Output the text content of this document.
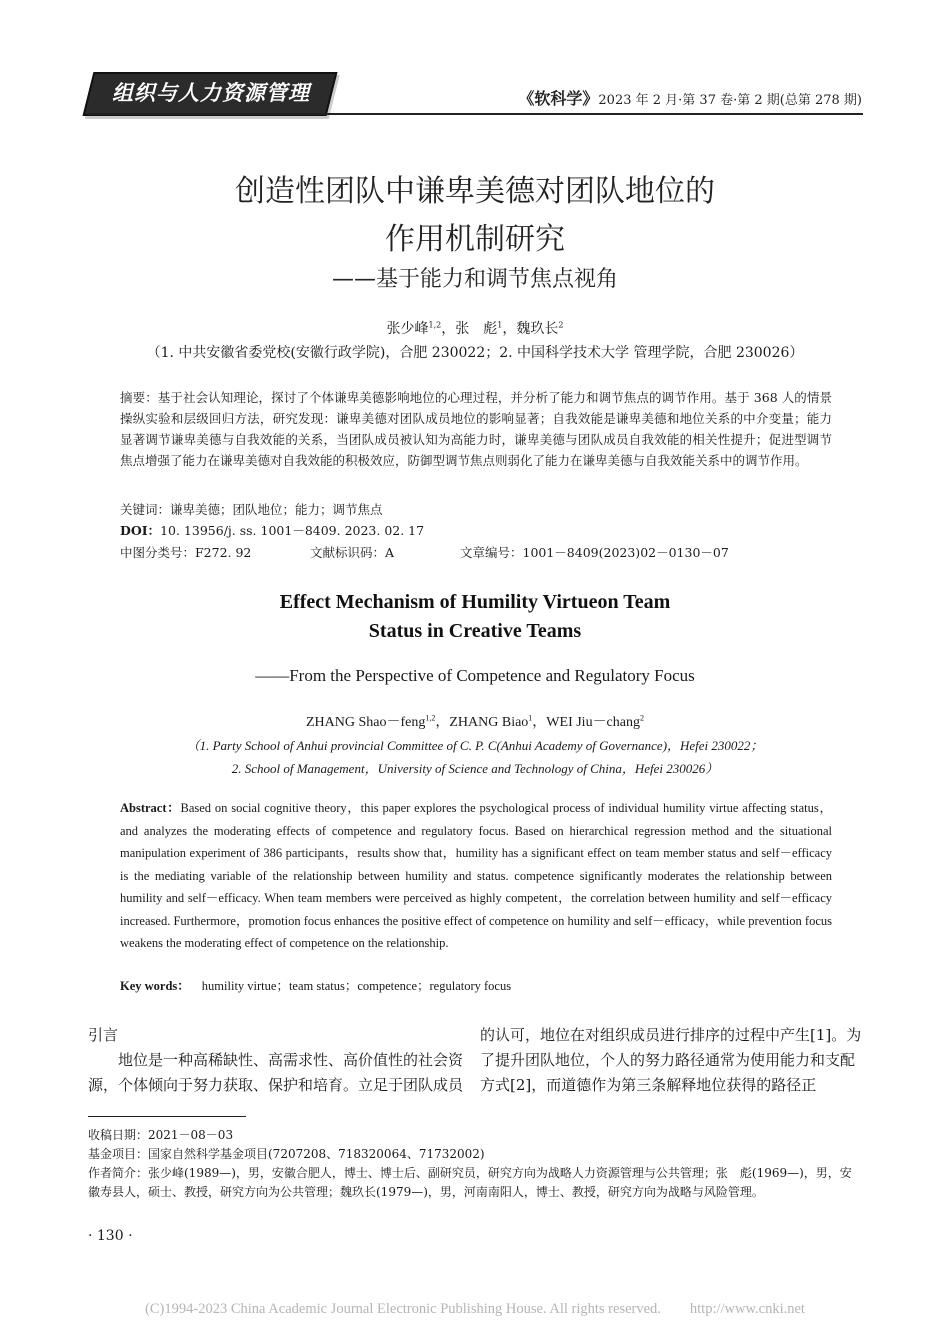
组织与人力资源管理	《软科学》2023 年 2 月·第 37 卷·第 2 期(总第 278 期)
创造性团队中谦卑美德对团队地位的
作用机制研究
——基于能力和调节焦点视角
张少峰$^{1,2}$，张　彪$^1$，魏玖长$^2$
（1. 中共安徽省委党校(安徽行政学院)，合肥 230022；2. 中国科学技术大学 管理学院，合肥 230026）
摘要：基于社会认知理论，探讨了个体谦卑美德影响地位的心理过程，并分析了能力和调节焦点的调节作用。基于 368 人的情景操纵实验和层级回归方法，研究发现：谦卑美德对团队成员地位的影响显著；自我效能是谦卑美德和地位关系的中介变量；能力显著调节谦卑美德与自我效能的关系，当团队成员被认知为高能力时，谦卑美德与团队成员自我效能的相关性提升；促进型调节焦点增强了能力在谦卑美德对自我效能的积极效应，防御型调节焦点则弱化了能力在谦卑美德与自我效能关系中的调节作用。
关键词：谦卑美德；团队地位；能力；调节焦点
DOI：10. 13956/j. ss. 1001－8409. 2023. 02. 17
中图分类号：F272. 92	文献标识码：A	文章编号：1001－8409(2023)02－0130－07
Effect Mechanism of Humility Virtueon Team
Status in Creative Teams
——From the Perspective of Competence and Regulatory Focus
ZHANG Shao－feng$^{1,2}$，ZHANG Biao$^1$，WEI Jiu－chang$^2$
（1. Party School of Anhui provincial Committee of C. P. C(Anhui Academy of Governance)，Hefei 230022；
2. School of Management，University of Science and Technology of China，Hefei 230026）
Abstract：Based on social cognitive theory，this paper explores the psychological process of individual humility virtue affecting status，and analyzes the moderating effects of competence and regulatory focus. Based on hierarchical regression method and the situational manipulation experiment of 386 participants，results show that，humility has a significant effect on team member status and self－efficacy is the mediating variable of the relationship between humility and status. competence significantly moderates the relationship between humility and self－efficacy. When team members were perceived as highly competent，the correlation between humility and self－efficacy increased. Furthermore，promotion focus enhances the positive effect of competence on humility and self－efficacy，while prevention focus weakens the moderating effect of competence on the relationship.
Key words： humility virtue；team status；competence；regulatory focus

引言

地位是一种高稀缺性、高需求性、高价值性的社会资源，个体倾向于努力获取、保护和培育。立足于团队成员

的认可，地位在对组织成员进行排序的过程中产生[1]。为了提升团队地位，个人的努力路径通常为使用能力和支配方式[2]，而道德作为第三条解释地位获得的路径正

收稿日期：2021－08－03

基金项目：国家自然科学基金项目(7207208、718320064、71732002)

作者简介：张少峰(1989—)，男，安徽合肥人，博士、博士后、副研究员，研究方向为战略人力资源管理与公共管理；张　彪(1969—)，男，安徽寿县人，硕士、教授，研究方向为公共管理；魏玖长(1979—)，男，河南南阳人，博士、教授，研究方向为战略与风险管理。

· 130 ·
(C)1994-2023 China Academic Journal Electronic Publishing House. All rights reserved.　　http://www.cnki.net
